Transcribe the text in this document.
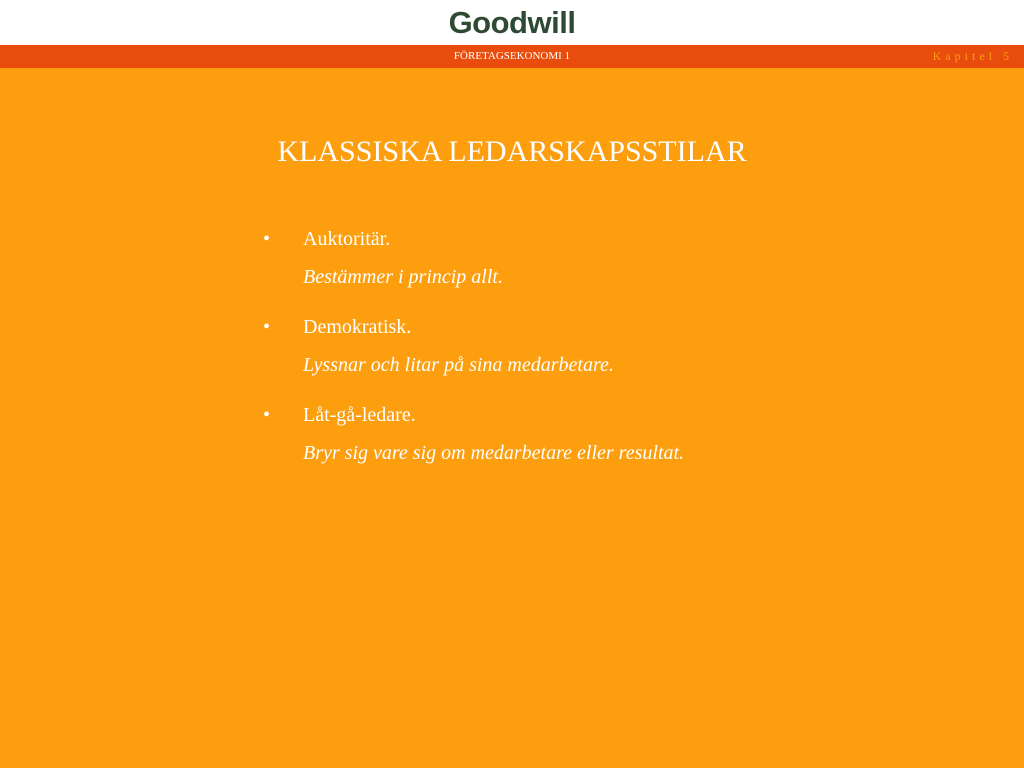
Goodwill
FÖRETAGSEKONOMI 1	Kapitel 5
KLASSISKA LEDARSKAPSSTILAR
• Auktoritär.
Bestämmer i princip allt.
• Demokratisk.
Lyssnar och litar på sina medarbetare.
• Låt-gå-ledare.
Bryr sig vare sig om medarbetare eller resultat.
